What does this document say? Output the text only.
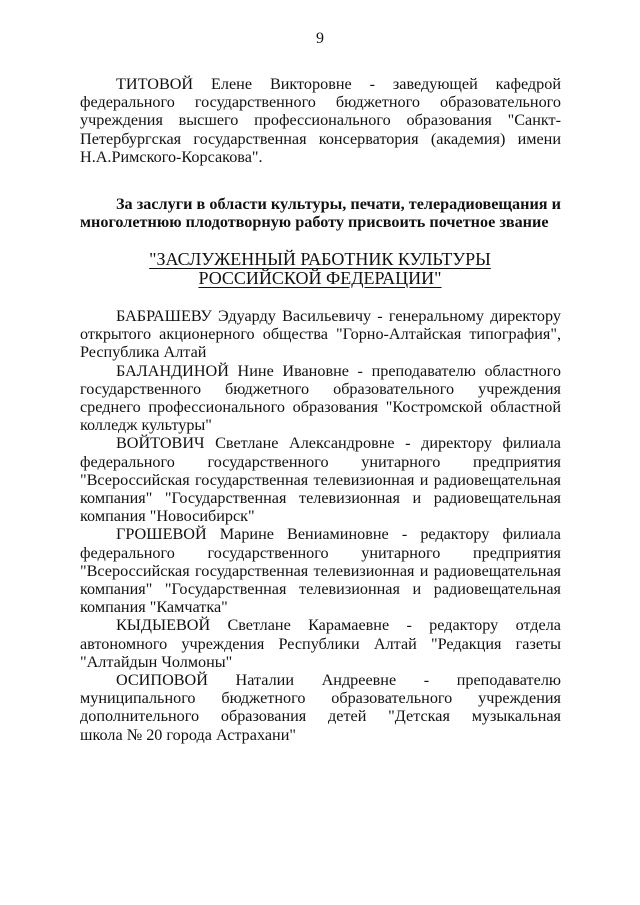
9
ТИТОВОЙ Елене Викторовне - заведующей кафедрой
федерального государственного бюджетного образовательного
учреждения высшего профессионального образования "Санкт-
Петербургская государственная консерватория (академия) имени
Н.А.Римского-Корсакова".
За заслуги в области культуры, печати, телерадиовещания и
многолетнюю плодотворную работу присвоить почетное звание
"ЗАСЛУЖЕННЫЙ РАБОТНИК КУЛЬТУРЫ
РОССИЙСКОЙ ФЕДЕРАЦИИ"
БАБРАШЕВУ Эдуарду Васильевичу - генеральному директору
открытого акционерного общества "Горно-Алтайская типография",
Республика Алтай
БАЛАНДИНОЙ Нине Ивановне - преподавателю областного
государственного бюджетного образовательного учреждения
среднего профессионального образования "Костромской областной
колледж культуры"
ВОЙТОВИЧ Светлане Александровне - директору филиала
федерального государственного унитарного предприятия
"Всероссийская государственная телевизионная и радиовещательная
компания" "Государственная телевизионная и радиовещательная
компания "Новосибирск"
ГРОШЕВОЙ Марине Вениаминовне - редактору филиала
федерального государственного унитарного предприятия
"Всероссийская государственная телевизионная и радиовещательная
компания" "Государственная телевизионная и радиовещательная
компания "Камчатка"
КЫДЫЕВОЙ Светлане Карамаевне - редактору отдела
автономного учреждения Республики Алтай "Редакция газеты
"Алтайдын Чолмоны"
ОСИПОВОЙ Наталии Андреевне - преподавателю
муниципального бюджетного образовательного учреждения
дополнительного образования детей "Детская музыкальная
школа № 20 города Астрахани"
